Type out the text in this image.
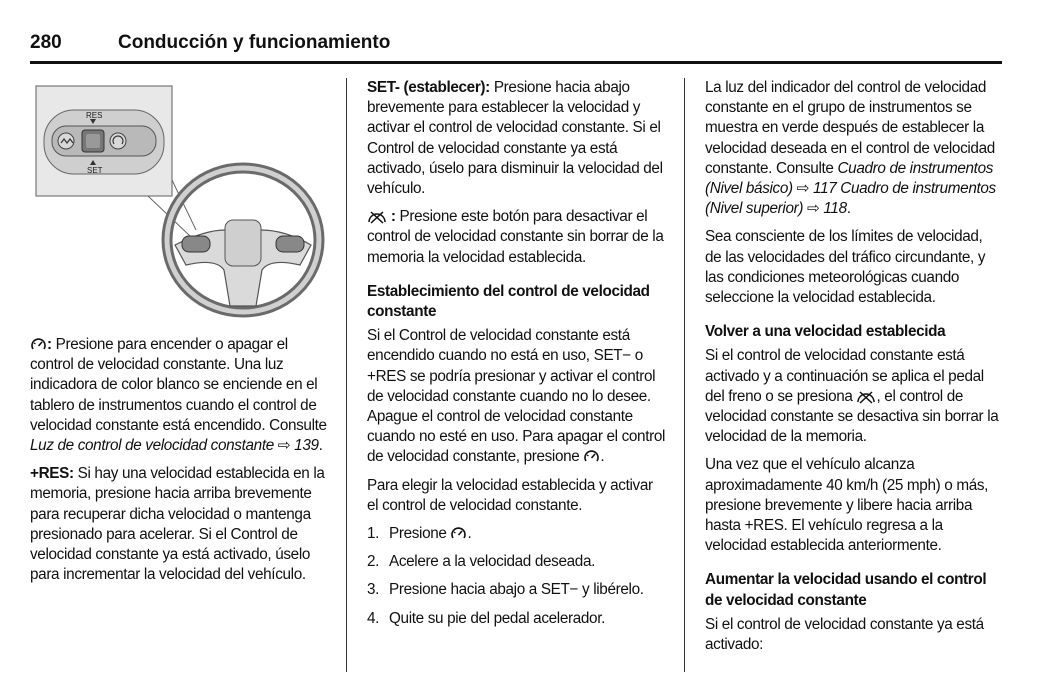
280	Conducción y funcionamiento
RES
SET

: Presione para encender o apagar el control de velocidad constante. Una luz indicadora de color blanco se enciende en el tablero de instrumentos cuando el control de velocidad constante está encendido. Consulte Luz de control de velocidad constante ⇨ 139.

+RES: Si hay una velocidad establecida en la memoria, presione hacia arriba brevemente para recuperar dicha velocidad o mantenga presionado para acelerar. Si el Control de velocidad constante ya está activado, úselo para incrementar la velocidad del vehículo.

SET- (establecer): Presione hacia abajo brevemente para establecer la velocidad y activar el control de velocidad constante. Si el Control de velocidad constante ya está activado, úselo para disminuir la velocidad del vehículo.

: Presione este botón para desactivar el control de velocidad constante sin borrar de la memoria la velocidad establecida.

Establecimiento del control de velocidad constante

Si el Control de velocidad constante está encendido cuando no está en uso, SET− o +RES se podría presionar y activar el control de velocidad constante cuando no lo desee. Apague el control de velocidad constante cuando no esté en uso. Para apagar el control de velocidad constante, presione .

Para elegir la velocidad establecida y activar el control de velocidad constante.

1. Presione .
2. Acelere a la velocidad deseada.
3. Presione hacia abajo a SET− y libérelo.
4. Quite su pie del pedal acelerador.

La luz del indicador del control de velocidad constante en el grupo de instrumentos se muestra en verde después de establecer la velocidad deseada en el control de velocidad constante. Consulte Cuadro de instrumentos (Nivel básico) ⇨ 117 Cuadro de instrumentos (Nivel superior) ⇨ 118.

Sea consciente de los límites de velocidad, de las velocidades del tráfico circundante, y las condiciones meteorológicas cuando seleccione la velocidad establecida.

Volver a una velocidad establecida

Si el control de velocidad constante está activado y a continuación se aplica el pedal del freno o se presiona , el control de velocidad constante se desactiva sin borrar la velocidad de la memoria.

Una vez que el vehículo alcanza aproximadamente 40 km/h (25 mph) o más, presione brevemente y libere hacia arriba hasta +RES. El vehículo regresa a la velocidad establecida anteriormente.

Aumentar la velocidad usando el control de velocidad constante

Si el control de velocidad constante ya está activado:
